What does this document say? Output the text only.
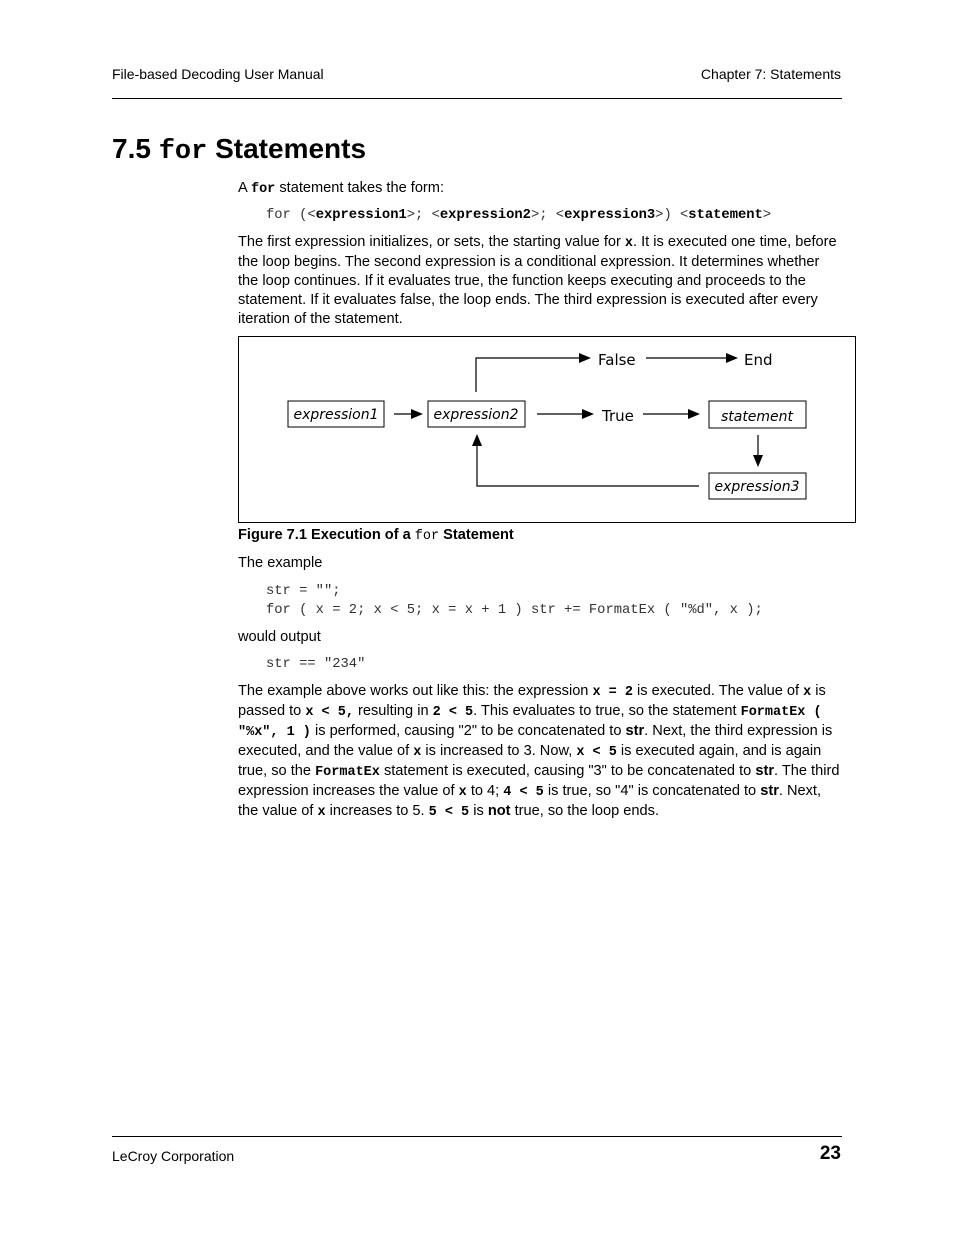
File-based Decoding User Manual	Chapter 7: Statements
7.5 for Statements

A for statement takes the form:

for (<expression1>; <expression2>; <expression3>) <statement>

The first expression initializes, or sets, the starting value for x. It is executed one time, before the loop begins. The second expression is a conditional expression. It determines whether the loop continues. If it evaluates true, the function keeps executing and proceeds to the statement. If it evaluates false, the loop ends. The third expression is executed after every iteration of the statement.

expression1	expression2	statement
expression3
False	End
True
Figure 7.1 Execution of a for Statement

The example

str = "";
for ( x = 2; x < 5; x = x + 1 ) str += FormatEx ( "%d", x );

would output

str == "234"

The example above works out like this: the expression x = 2 is executed. The value of x is passed to x < 5, resulting in 2 < 5. This evaluates to true, so the statement FormatEx ( "%x", 1 ) is performed, causing "2" to be concatenated to str. Next, the third expression is executed, and the value of x is increased to 3. Now, x < 5 is executed again, and is again true, so the FormatEx statement is executed, causing "3" to be concatenated to str. The third expression increases the value of x to 4; 4 < 5 is true, so "4" is concatenated to str. Next, the value of x increases to 5. 5 < 5 is not true, so the loop ends.

LeCroy Corporation	23
